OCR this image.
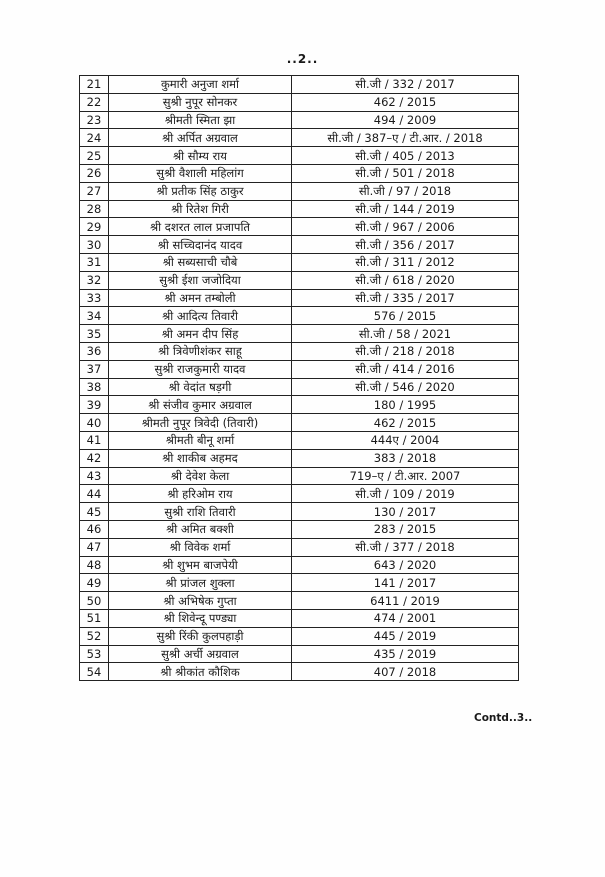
..2..
21	कुमारी अनुजा शर्मा	सी.जी / 332 / 2017
22	सुश्री नुपूर सोनकर	462 / 2015
23	श्रीमती स्मिता झा	494 / 2009
24	श्री अर्पित अग्रवाल	सी.जी / 387–ए / टी.आर. / 2018
25	श्री सौम्य राय	सी.जी / 405 / 2013
26	सुश्री वैशाली महिलांग	सी.जी / 501 / 2018
27	श्री प्रतीक सिंह ठाकुर	सी.जी / 97 / 2018
28	श्री रितेश गिरी	सी.जी / 144 / 2019
29	श्री दशरत लाल प्रजापति	सी.जी / 967 / 2006
30	श्री सच्चिदानंद यादव	सी.जी / 356 / 2017
31	श्री सब्यसाची चौबे	सी.जी / 311 / 2012
32	सुश्री ईशा जजोदिया	सी.जी / 618 / 2020
33	श्री अमन तम्बोली	सी.जी / 335 / 2017
34	श्री आदित्य तिवारी	576 / 2015
35	श्री अमन दीप सिंह	सी.जी / 58 / 2021
36	श्री त्रिवेणीशंकर साहू	सी.जी / 218 / 2018
37	सुश्री राजकुमारी यादव	सी.जी / 414 / 2016
38	श्री वेदांत षड़गी	सी.जी / 546 / 2020
39	श्री संजीव कुमार अग्रवाल	180 / 1995
40	श्रीमती नुपूर त्रिवेदी (तिवारी)	462 / 2015
41	श्रीमती बीनू शर्मा	444ए / 2004
42	श्री शाकीब अहमद	383 / 2018
43	श्री देवेश केला	719–ए / टी.आर. 2007
44	श्री हरिओम राय	सी.जी / 109 / 2019
45	सुश्री राशि तिवारी	130 / 2017
46	श्री अमित बक्शी	283 / 2015
47	श्री विवेक शर्मा	सी.जी / 377 / 2018
48	श्री शुभम बाजपेयी	643 / 2020
49	श्री प्रांजल शुक्ला	141 / 2017
50	श्री अभिषेक गुप्ता	6411 / 2019
51	श्री शिवेन्दू पण्ड्या	474 / 2001
52	सुश्री रिंकी कुलपहाड़ी	445 / 2019
53	सुश्री अर्ची अग्रवाल	435 / 2019
54	श्री श्रीकांत कौशिक	407 / 2018
Contd..3..
